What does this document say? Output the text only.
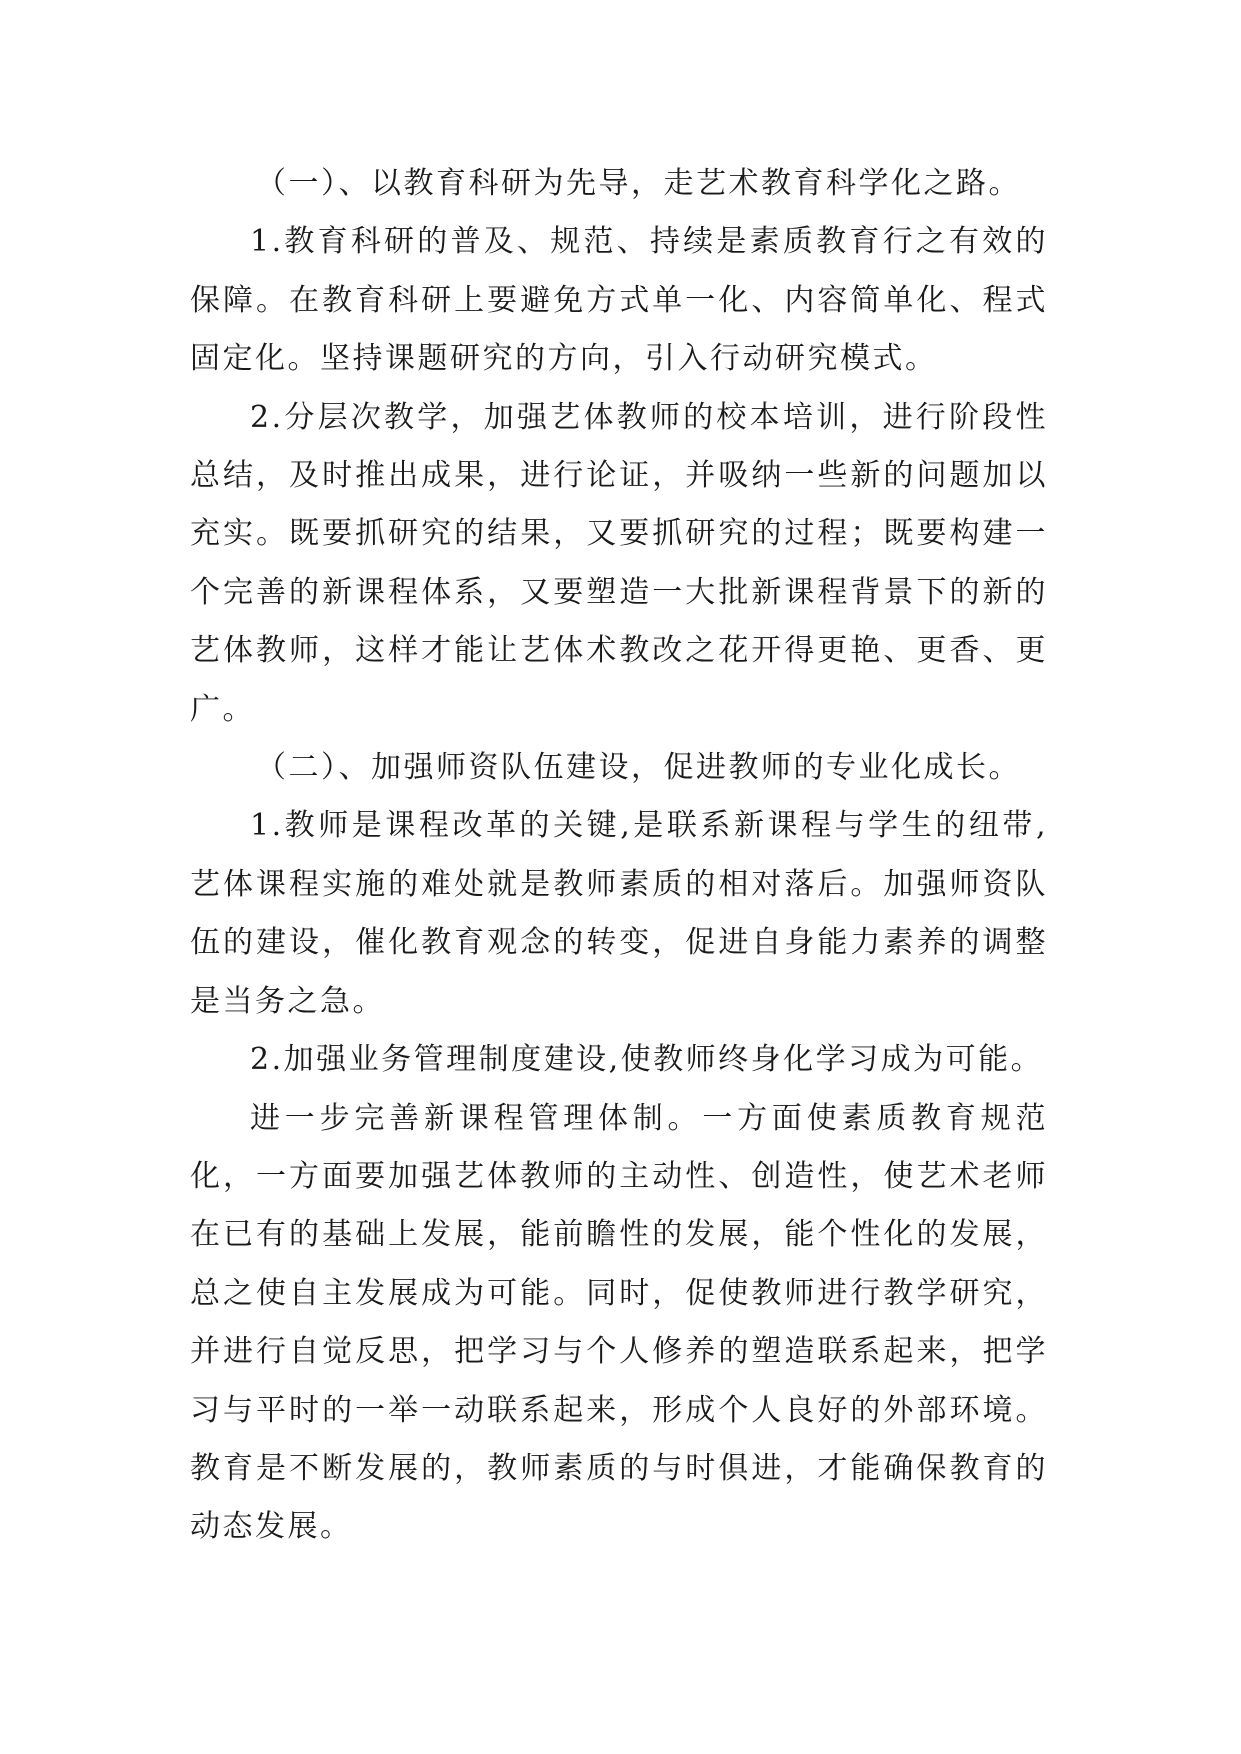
（一）、以教育科研为先导，走艺术教育科学化之路。

1.教育科研的普及、规范、持续是素质教育行之有效的保障。在教育科研上要避免方式单一化、内容简单化、程式固定化。坚持课题研究的方向，引入行动研究模式。

2.分层次教学，加强艺体教师的校本培训，进行阶段性总结，及时推出成果，进行论证，并吸纳一些新的问题加以充实。既要抓研究的结果，又要抓研究的过程；既要构建一个完善的新课程体系，又要塑造一大批新课程背景下的新的艺体教师，这样才能让艺体术教改之花开得更艳、更香、更广。

（二）、加强师资队伍建设，促进教师的专业化成长。

1.教师是课程改革的关键,是联系新课程与学生的纽带,艺体课程实施的难处就是教师素质的相对落后。加强师资队伍的建设，催化教育观念的转变，促进自身能力素养的调整是当务之急。

2.加强业务管理制度建设,使教师终身化学习成为可能。

进一步完善新课程管理体制。一方面使素质教育规范化，一方面要加强艺体教师的主动性、创造性，使艺术老师在已有的基础上发展，能前瞻性的发展，能个性化的发展，总之使自主发展成为可能。同时，促使教师进行教学研究，并进行自觉反思，把学习与个人修养的塑造联系起来，把学习与平时的一举一动联系起来，形成个人良好的外部环境。教育是不断发展的，教师素质的与时俱进，才能确保教育的动态发展。
